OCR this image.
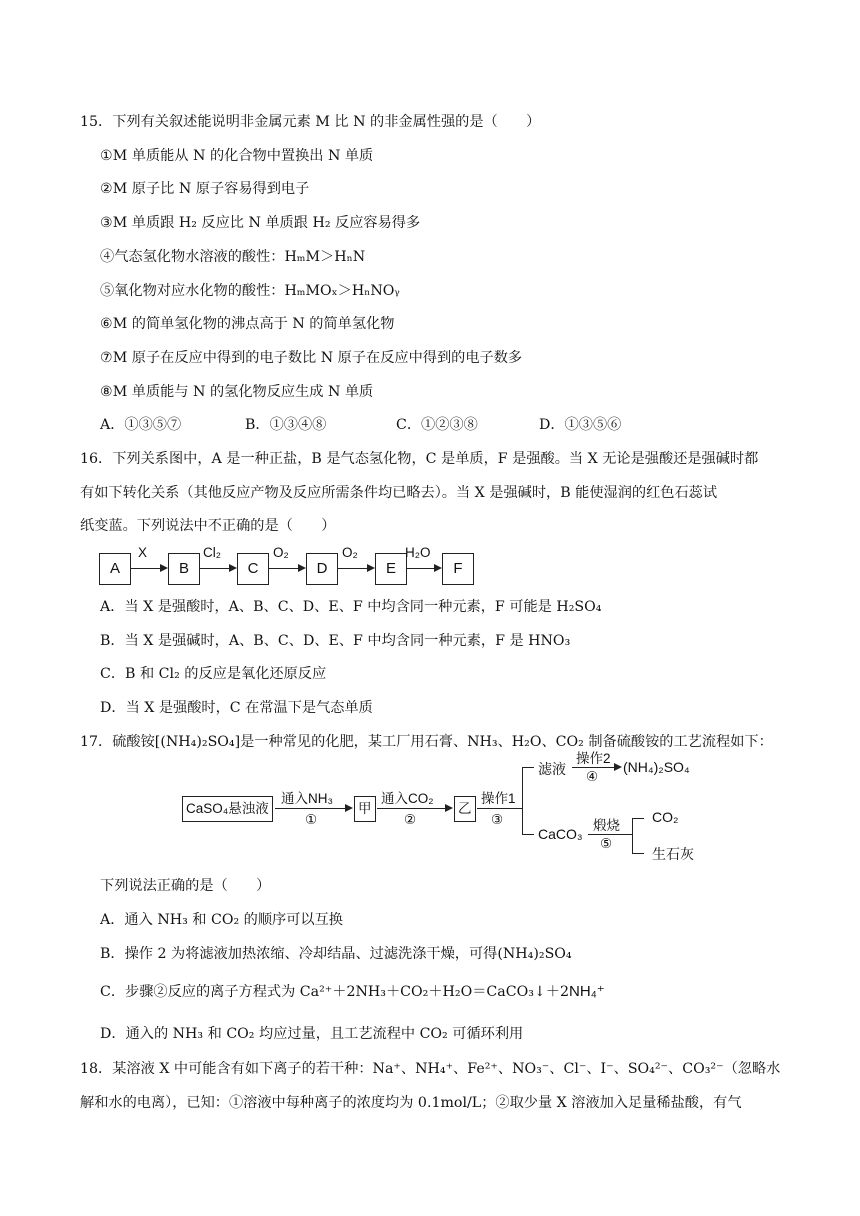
15．下列有关叙述能说明非金属元素 M 比 N 的非金属性强的是（　　）
①M 单质能从 N 的化合物中置换出 N 单质
②M 原子比 N 原子容易得到电子
③M 单质跟 H₂ 反应比 N 单质跟 H₂ 反应容易得多
④气态氢化物水溶液的酸性：HₘM＞HₙN
⑤氧化物对应水化物的酸性：HₘMOₓ＞HₙNOᵧ
⑥M 的简单氢化物的沸点高于 N 的简单氢化物
⑦M 原子在反应中得到的电子数比 N 原子在反应中得到的电子数多
⑧M 单质能与 N 的氢化物反应生成 N 单质
A．①③⑤⑦	B．①③④⑧	C．①②③⑧	D．①③⑤⑥
16．下列关系图中，A 是一种正盐，B 是气态氢化物，C 是单质，F 是强酸。当 X 无论是强酸还是强碱时都
有如下转化关系（其他反应产物及反应所需条件均已略去）。当 X 是强碱时，B 能使湿润的红色石蕊试
纸变蓝。下列说法中不正确的是（　　）
A
X
B
Cl₂
C
O₂
D
O₂
E
H₂O
F
A．当 X 是强酸时，A、B、C、D、E、F 中均含同一种元素，F 可能是 H₂SO₄
B．当 X 是强碱时，A、B、C、D、E、F 中均含同一种元素，F 是 HNO₃
C．B 和 Cl₂ 的反应是氧化还原反应
D．当 X 是强酸时，C 在常温下是气态单质
17．硫酸铵[(NH₄)₂SO₄]是一种常见的化肥，某工厂用石膏、NH₃、H₂O、CO₂ 制备硫酸铵的工艺流程如下：
CaSO₄悬浊液
通入NH₃
①
甲
通入CO₂
②
乙
操作1
③
滤液
操作2
④
(NH₄)₂SO₄
CaCO₃
煅烧
⑤
CO₂
生石灰
下列说法正确的是（　　）
A．通入 NH₃ 和 CO₂ 的顺序可以互换
B．操作 2 为将滤液加热浓缩、冷却结晶、过滤洗涤干燥，可得(NH₄)₂SO₄
C．步骤②反应的离子方程式为 Ca²⁺＋2NH₃＋CO₂＋H₂O＝CaCO₃↓＋2NH₄⁺
D．通入的 NH₃ 和 CO₂ 均应过量，且工艺流程中 CO₂ 可循环利用
18．某溶液 X 中可能含有如下离子的若干种：Na⁺、NH₄⁺、Fe²⁺、NO₃⁻、Cl⁻、I⁻、SO₄²⁻、CO₃²⁻（忽略水
解和水的电离），已知：①溶液中每种离子的浓度均为 0.1mol/L；②取少量 X 溶液加入足量稀盐酸，有气
